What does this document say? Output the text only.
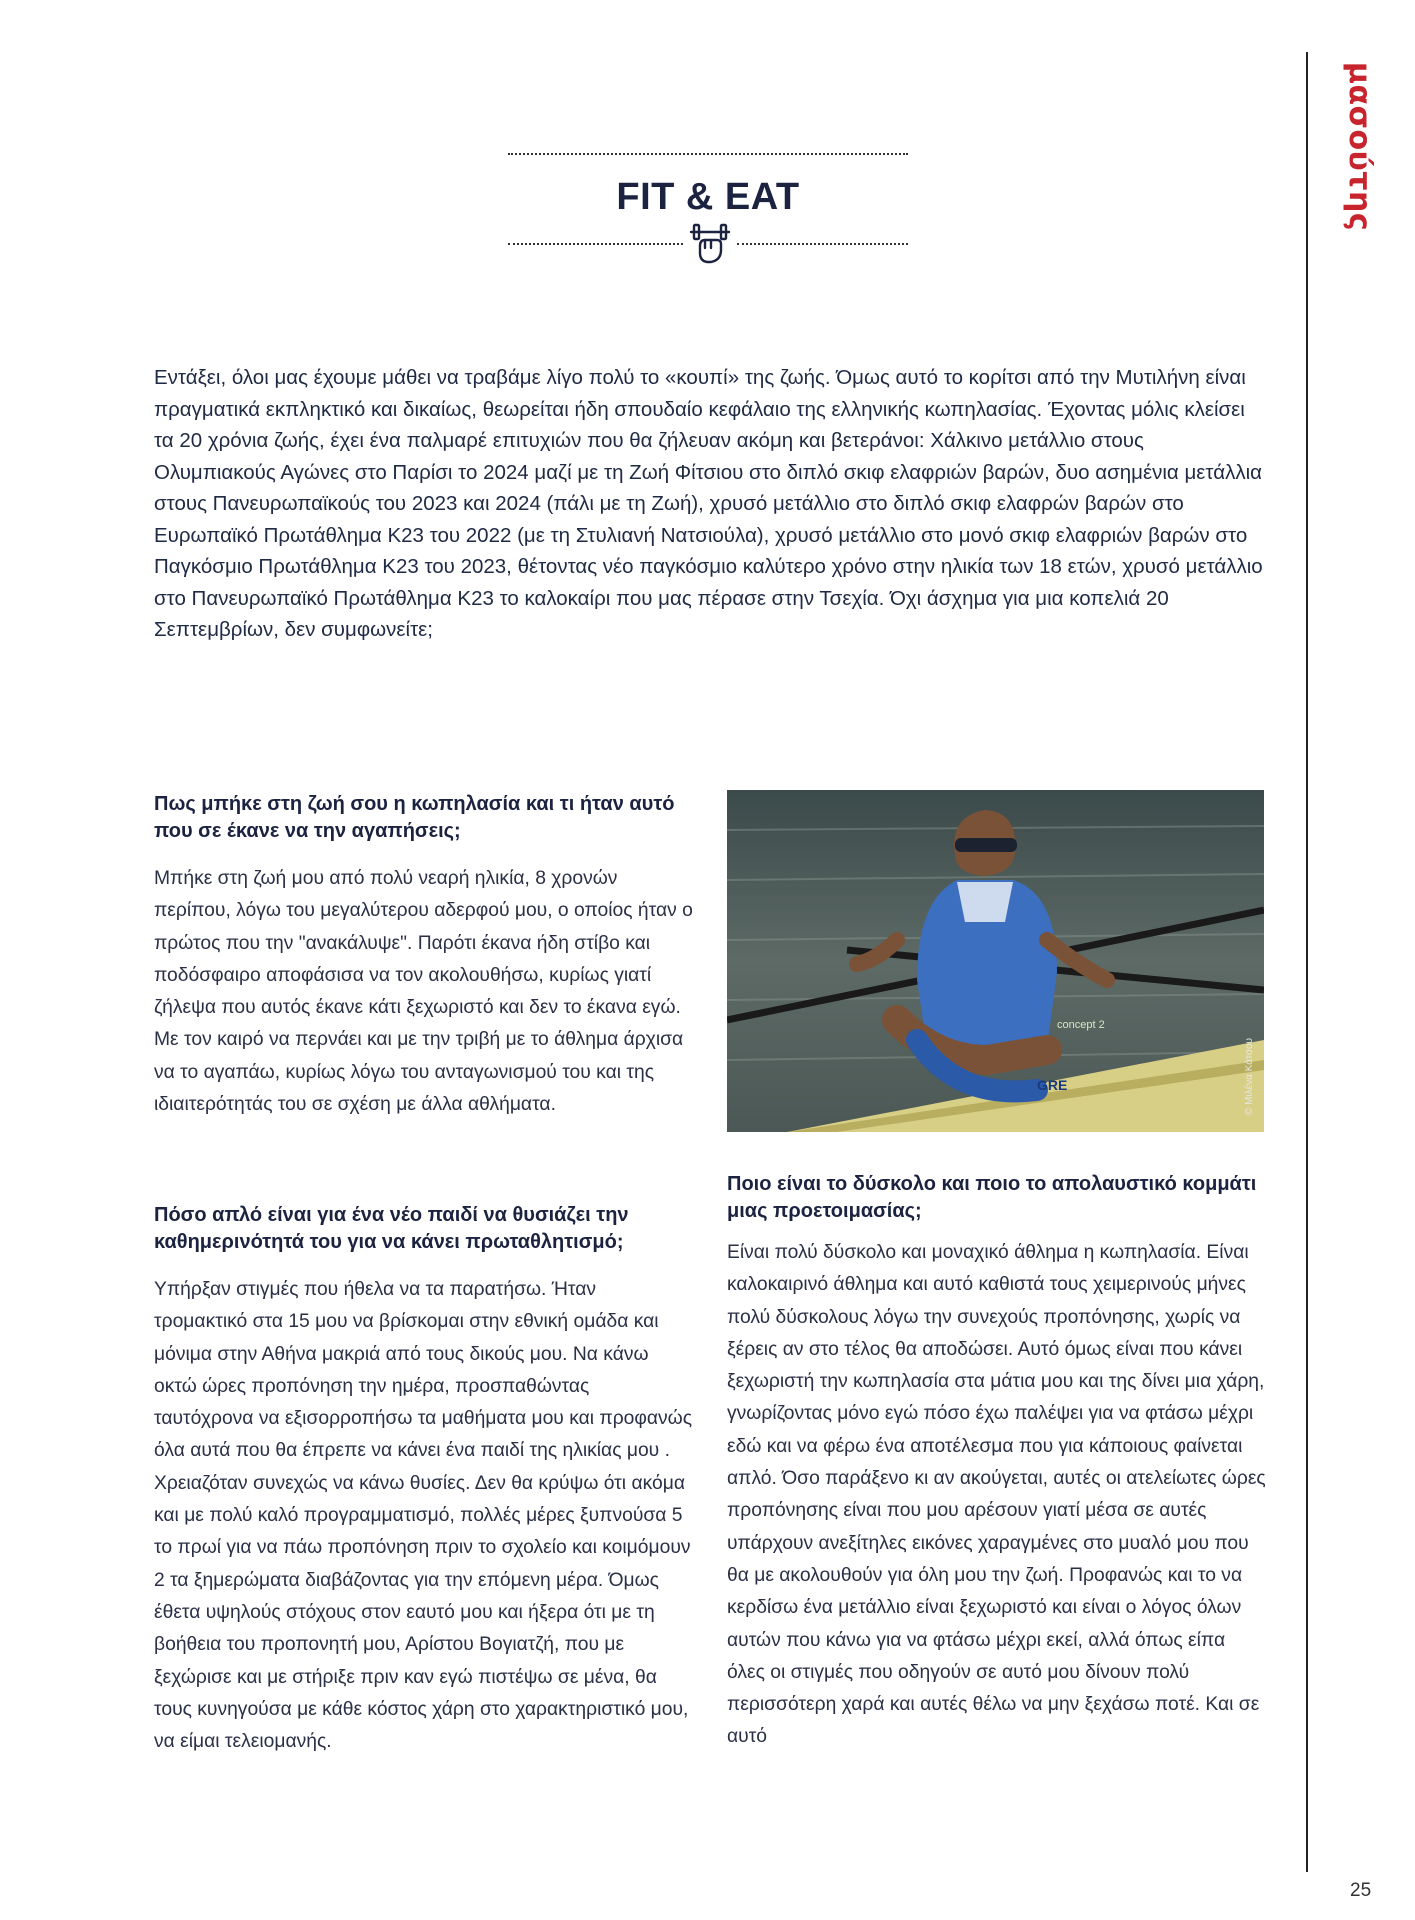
μασούτης
FIT & EAT

Εντάξει, όλοι μας έχουμε μάθει να τραβάμε λίγο πολύ το «κουπί» της ζωής. Όμως αυτό το κορίτσι από την Μυτιλήνη είναι πραγματικά εκπληκτικό και δικαίως, θεωρείται ήδη σπουδαίο κεφάλαιο της ελληνικής κωπηλασίας. Έχοντας μόλις κλείσει τα 20 χρόνια ζωής, έχει ένα παλμαρέ επιτυχιών που θα ζήλευαν ακόμη και βετεράνοι: Χάλκινο μετάλλιο στους Ολυμπιακούς Αγώνες στο Παρίσι το 2024 μαζί με τη Ζωή Φίτσιου στο διπλό σκιφ ελαφριών βαρών, δυο ασημένια μετάλλια στους Πανευρωπαϊκούς του 2023 και 2024 (πάλι με τη Ζωή), χρυσό μετάλλιο στο διπλό σκιφ ελαφρών βαρών στο Ευρωπαϊκό Πρωτάθλημα Κ23 του 2022 (με τη Στυλιανή Νατσιούλα), χρυσό μετάλλιο στο μονό σκιφ ελαφριών βαρών στο Παγκόσμιο Πρωτάθλημα Κ23 του 2023, θέτοντας νέο παγκόσμιο καλύτερο χρόνο στην ηλικία των 18 ετών, χρυσό μετάλλιο στο Πανευρωπαϊκό Πρωτάθλημα Κ23 το καλοκαίρι που μας πέρασε στην Τσεχία. Όχι άσχημα για μια κοπελιά 20 Σεπτεμβρίων, δεν συμφωνείτε;

Πως μπήκε στη ζωή σου η κωπηλασία και τι ήταν αυτό που σε έκανε να την αγαπήσεις;

Μπήκε στη ζωή μου από πολύ νεαρή ηλικία, 8 χρονών περίπου, λόγω του μεγαλύτερου αδερφού μου, ο οποίος ήταν ο πρώτος που την "ανακάλυψε". Παρότι έκανα ήδη στίβο και ποδόσφαιρο αποφάσισα να τον ακολουθήσω, κυρίως γιατί ζήλεψα που αυτός έκανε κάτι ξεχωριστό και δεν το έκανα εγώ. Με τον καιρό να περνάει και με την τριβή με το άθλημα άρχισα να το αγαπάω, κυρίως λόγω του ανταγωνισμού του και της ιδιαιτερότητάς του σε σχέση με άλλα αθλήματα.

Πόσο απλό είναι για ένα νέο παιδί να θυσιάζει την καθημερινότητά του για να κάνει πρωταθλητισμό;

Υπήρξαν στιγμές που ήθελα να τα παρατήσω. Ήταν τρομακτικό στα 15 μου να βρίσκομαι στην εθνική ομάδα και μόνιμα στην Αθήνα μακριά από τους δικούς μου. Να κάνω οκτώ ώρες προπόνηση την ημέρα, προσπαθώντας ταυτόχρονα να εξισορροπήσω τα μαθήματα μου και προφανώς όλα αυτά που θα έπρεπε να κάνει ένα παιδί της ηλικίας μου . Χρειαζόταν συνεχώς να κάνω θυσίες. Δεν θα κρύψω ότι ακόμα και με πολύ καλό προγραμματισμό, πολλές μέρες ξυπνούσα 5 το πρωί για να πάω προπόνηση πριν το σχολείο και κοιμόμουν 2 τα ξημερώματα διαβάζοντας για την επόμενη μέρα. Όμως έθετα υψηλούς στόχους στον εαυτό μου και ήξερα ότι με τη βοήθεια του προπονητή μου, Αρίστου Βογιατζή, που με ξεχώρισε και με στήριξε πριν καν εγώ πιστέψω σε μένα, θα τους κυνηγούσα με κάθε κόστος χάρη στο χαρακτηριστικό μου, να είμαι τελειομανής.

concept 2
GRE	© Μιλένα Κάτσου

Ποιο είναι το δύσκολο και ποιο το απολαυστικό κομμάτι μιας προετοιμασίας;

Είναι πολύ δύσκολο και μοναχικό άθλημα η κωπηλασία. Είναι καλοκαιρινό άθλημα και αυτό καθιστά τους χειμερινούς μήνες πολύ δύσκολους λόγω την συνεχούς προπόνησης, χωρίς να ξέρεις αν στο τέλος θα αποδώσει. Αυτό όμως είναι που κάνει ξεχωριστή την κωπηλασία στα μάτια μου και της δίνει μια χάρη, γνωρίζοντας μόνο εγώ πόσο έχω παλέψει για να φτάσω μέχρι εδώ και να φέρω ένα αποτέλεσμα που για κάποιους φαίνεται απλό. Όσο παράξενο κι αν ακούγεται, αυτές οι ατελείωτες ώρες προπόνησης είναι που μου αρέσουν γιατί μέσα σε αυτές υπάρχουν ανεξίτηλες εικόνες χαραγμένες στο μυαλό μου που θα με ακολουθούν για όλη μου την ζωή. Προφανώς και το να κερδίσω ένα μετάλλιο είναι ξεχωριστό και είναι ο λόγος όλων αυτών που κάνω για να φτάσω μέχρι εκεί, αλλά όπως είπα όλες οι στιγμές που οδηγούν σε αυτό μου δίνουν πολύ περισσότερη χαρά και αυτές θέλω να μην ξεχάσω ποτέ. Και σε αυτό

25
